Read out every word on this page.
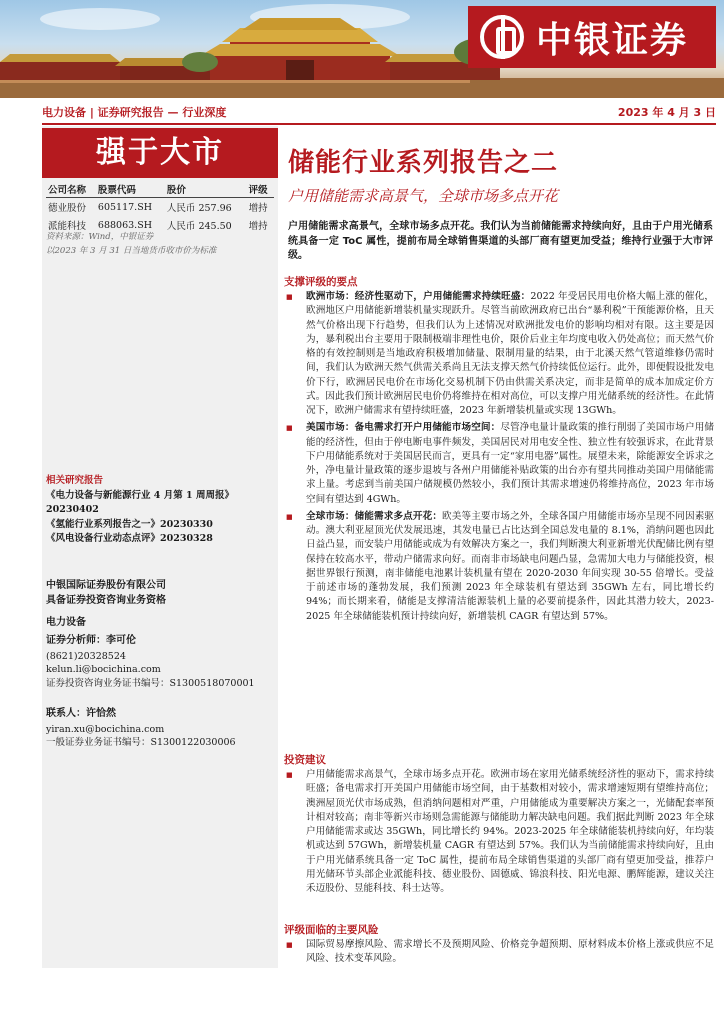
中银证券
电力设备 | 证券研究报告 — 行业深度	2023 年 4 月 3 日
强于大市
公司名称	股票代码	股价	评级
德业股份	605117.SH	人民币 257.96	增持
派能科技	688063.SH	人民币 245.50	增持
资料来源：Wind，中银证券
以2023 年 3 月 31 日当地货币收市价为标准
相关研究报告
《电力设备与新能源行业 4 月第 1 周周报》20230402
《氢能行业系列报告之一》20230330
《风电设备行业动态点评》20230328
中银国际证券股份有限公司
具备证券投资咨询业务资格
电力设备
证券分析师：李可伦
(8621)20328524
kelun.li@bocichina.com
证券投资咨询业务证书编号：S1300518070001
联系人：许恰然
yiran.xu@bocichina.com
一般证券业务证书编号：S1300122030006
储能行业系列报告之二
户用储能需求高景气，全球市场多点开花
户用储能需求高景气，全球市场多点开花。我们认为当前储能需求持续向好，且由于户用光储系统具备一定 ToC 属性，提前布局全球销售渠道的头部厂商有望更加受益；维持行业强于大市评级。
支撑评级的要点
■ 欧洲市场：经济性驱动下，户用储能需求持续旺盛：2022 年受居民用电价格大幅上涨的催化，欧洲地区户用储能新增装机量实现跃升。尽管当前欧洲政府已出台“暴利税”干预能源价格，且天然气价格出现下行趋势，但我们认为上述情况对欧洲批发电价的影响均相对有限。这主要是因为，暴利税出台主要用于限制极端非理性电价，限价后业主年均度电收入仍处高位；而天然气价格的有效控制则是当地政府积极增加储量、限制用量的结果，由于北溪天然气管道维修仍需时间，我们认为欧洲天然气供需关系尚且无法支撑天然气价持续低位运行。此外，即便假设批发电价下行，欧洲居民电价在市场化交易机制下仍由供需关系决定，而非是简单的成本加成定价方式。因此我们预计欧洲居民电价仍将维持在相对高位，可以支撑户用光储系统的经济性。在此情况下，欧洲户储需求有望持续旺盛，2023 年新增装机量或实现 13GWh。
■ 美国市场：备电需求打开户用储能市场空间：尽管净电量计量政策的推行削弱了美国市场户用储能的经济性，但由于停电断电事件频发，美国居民对用电安全性、独立性有较强诉求，在此背景下户用储能系统对于美国居民而言，更具有一定“家用电器”属性。展望未来，除能源安全诉求之外，净电量计量政策的逐步退坡与各州户用储能补贴政策的出台亦有望共同推动美国户用储能需求上量。考虑到当前美国户储规模仍然较小，我们预计其需求增速仍将维持高位，2023 年市场空间有望达到 4GWh。
■ 全球市场：储能需求多点开花：欧美等主要市场之外，全球各国户用储能市场亦呈现不同因素驱动。澳大利亚屋顶光伏发展迅速，其发电量已占比达到全国总发电量的 8.1%，消纳问题也因此日益凸显，而安装户用储能或成为有效解决方案之一，我们判断澳大利亚新增光伏配储比例有望保持在较高水平，带动户储需求向好。而南非市场缺电问题凸显，急需加大电力与储能投资，根据世界银行预测，南非储能电池累计装机量有望在 2020-2030 年间实现 30-55 倍增长。受益于前述市场的蓬勃发展，我们预测 2023 年全球装机有望达到 35GWh 左右，同比增长约 94%；而长期来看，储能是支撑清洁能源装机上量的必要前提条件，因此其潜力较大，2023-2025 年全球储能装机预计持续向好，新增装机 CAGR 有望达到 57%。
投资建议
■ 户用储能需求高景气，全球市场多点开花。欧洲市场在家用光储系统经济性的驱动下，需求持续旺盛；备电需求打开美国户用储能市场空间，由于基数相对较小，需求增速短期有望维持高位；澳洲屋顶光伏市场成熟，但消纳问题相对严重，户用储能成为重要解决方案之一，光储配套率预计相对较高；南非等新兴市场则急需能源与储能助力解决缺电问题。我们据此判断 2023 年全球户用储能需求或达 35GWh，同比增长约 94%。2023-2025 年全球储能装机持续向好，年均装机或达到 57GWh，新增装机量 CAGR 有望达到 57%。我们认为当前储能需求持续向好，且由于户用光储系统具备一定 ToC 属性，提前布局全球销售渠道的头部厂商有望更加受益，推荐户用光储环节头部企业派能科技、德业股份、固德威、锦浪科技、阳光电源、鹏辉能源，建议关注禾迈股份、昱能科技、科士达等。
评级面临的主要风险
■ 国际贸易摩擦风险、需求增长不及预期风险、价格竞争超预期、原材料成本价格上涨或供应不足风险、技术变革风险。
